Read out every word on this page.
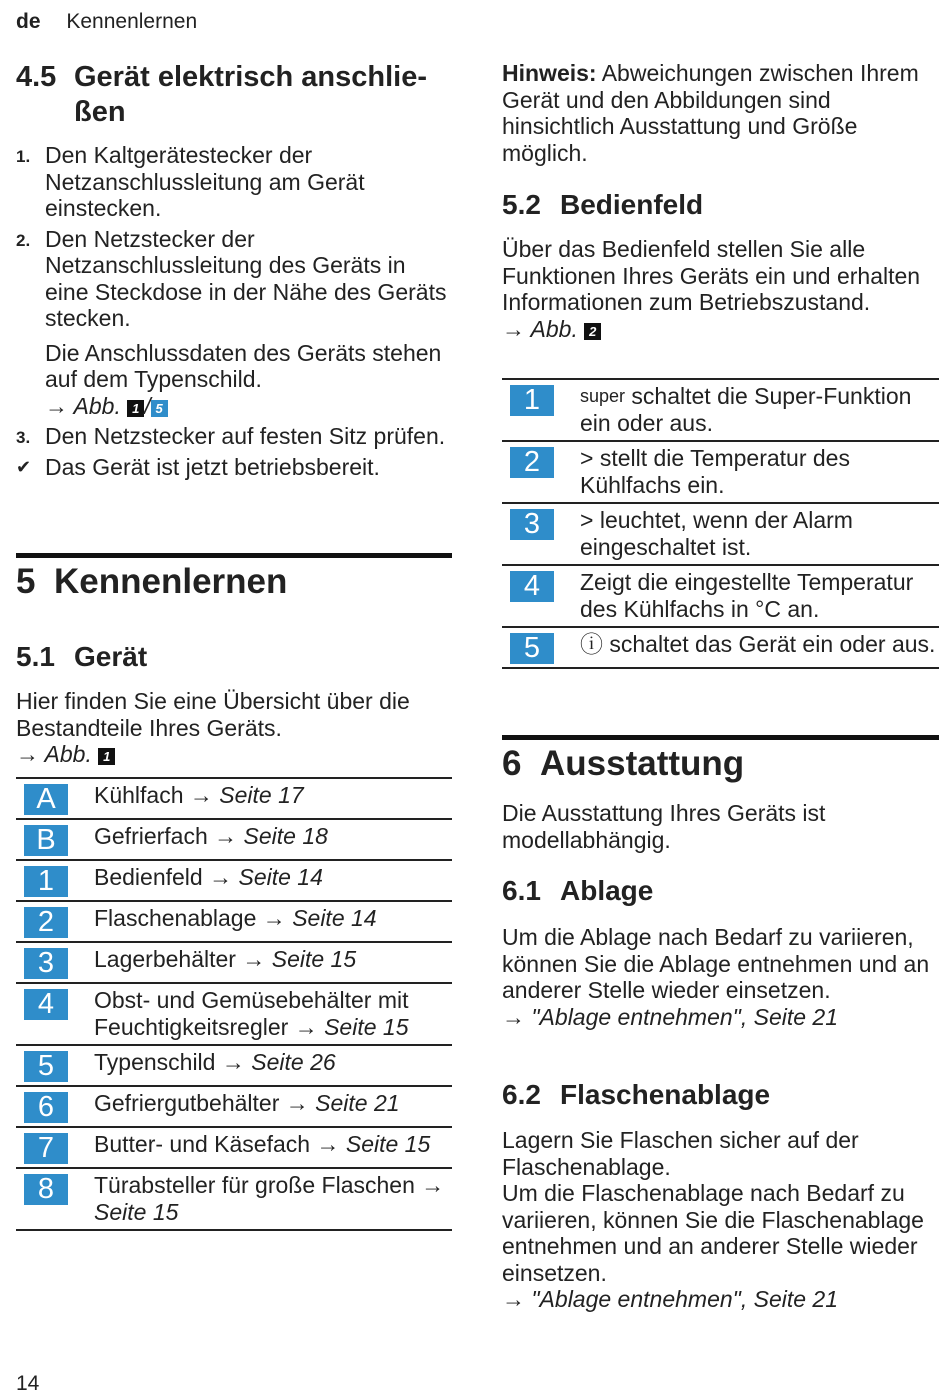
de Kennenlernen
4.5 Gerät elektrisch anschlie-ßen
1. Den Kaltgerätestecker der Netzanschlussleitung am Gerät einstecken.
2. Den Netzstecker der Netzanschlussleitung des Geräts in eine Steckdose in der Nähe des Geräts stecken.
Die Anschlussdaten des Geräts stehen auf dem Typenschild.
→ Abb. 1 / 5
3. Den Netzstecker auf festen Sitz prüfen.
✔ Das Gerät ist jetzt betriebsbereit.
5 Kennenlernen
5.1 Gerät

Hier finden Sie eine Übersicht über die Bestandteile Ihres Geräts.

→ Abb. 1

A	Kühlfach → Seite 17
B	Gefrierfach → Seite 18
1	Bedienfeld → Seite 14
2	Flaschenablage → Seite 14
3	Lagerbehälter → Seite 15
4	Obst- und Gemüsebehälter mit Feuchtigkeitsregler → Seite 15
5	Typenschild → Seite 26
6	Gefriergutbehälter → Seite 21
7	Butter- und Käsefach → Seite 15
8	Türabsteller für große Flaschen → Seite 15

Hinweis: Abweichungen zwischen Ihrem Gerät und den Abbildungen sind hinsichtlich Ausstattung und Größe möglich.

5.2 Bedienfeld

Über das Bedienfeld stellen Sie alle Funktionen Ihres Geräts ein und erhalten Informationen zum Betriebszustand.

→ Abb. 2

1	super schaltet die Super-Funktion ein oder aus.
2	> stellt die Temperatur des Kühlfachs ein.
3	> leuchtet, wenn der Alarm eingeschaltet ist.
4	Zeigt die eingestellte Temperatur des Kühlfachs in °C an.
5	ⓘ schaltet das Gerät ein oder aus.
6 Ausstattung

Die Ausstattung Ihres Geräts ist modellabhängig.

6.1 Ablage

Um die Ablage nach Bedarf zu variieren, können Sie die Ablage entnehmen und an anderer Stelle wieder einsetzen.

→ "Ablage entnehmen", Seite 21

6.2 Flaschenablage

Lagern Sie Flaschen sicher auf der Flaschenablage.

Um die Flaschenablage nach Bedarf zu variieren, können Sie die Flaschenablage entnehmen und an anderer Stelle wieder einsetzen.

→ "Ablage entnehmen", Seite 21

14
